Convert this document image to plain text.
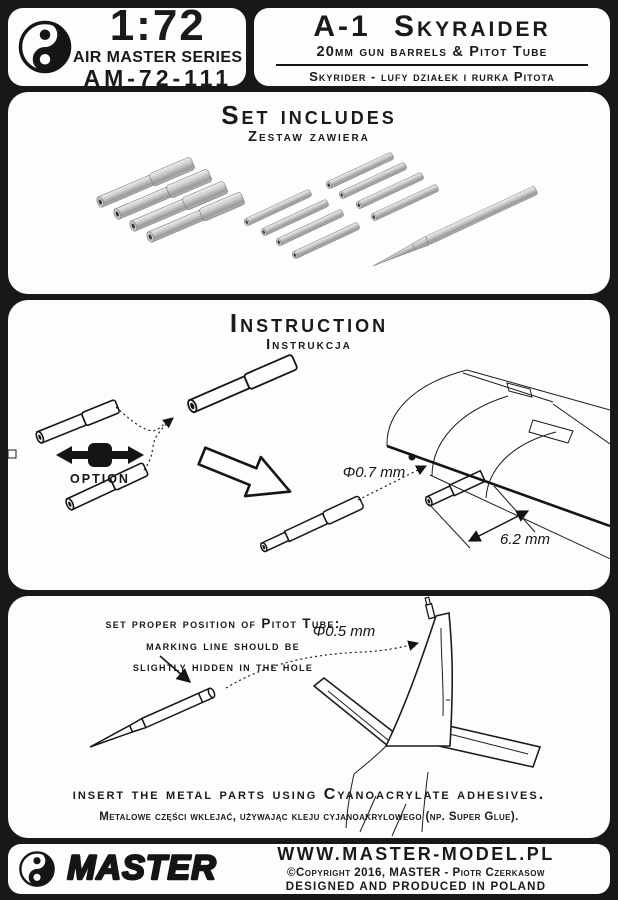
1:72
AIR MASTER SERIES
AM-72-111
A-1 Skyraider
20mm gun barrels & Pitot Tube
Skyrider - lufy działek i rurka Pitota
Set includes
Zestaw zawiera
Instruction
Instrukcja
?
OPTION	Φ0.7 mm
6.2 mm
Φ0.5 mm
set proper position of Pitot Tube:
marking line should be
slightly hidden in the hole
insert the metal parts using Cyanoacrylate adhesives.
Metalowe części wklejać, używając kleju cyjanoakrylowego (np. Super Glue).
MASTER	WWW.MASTER-MODEL.PL
©Copyright 2016, MASTER - Piotr Czerkasow
DESIGNED AND PRODUCED IN POLAND
